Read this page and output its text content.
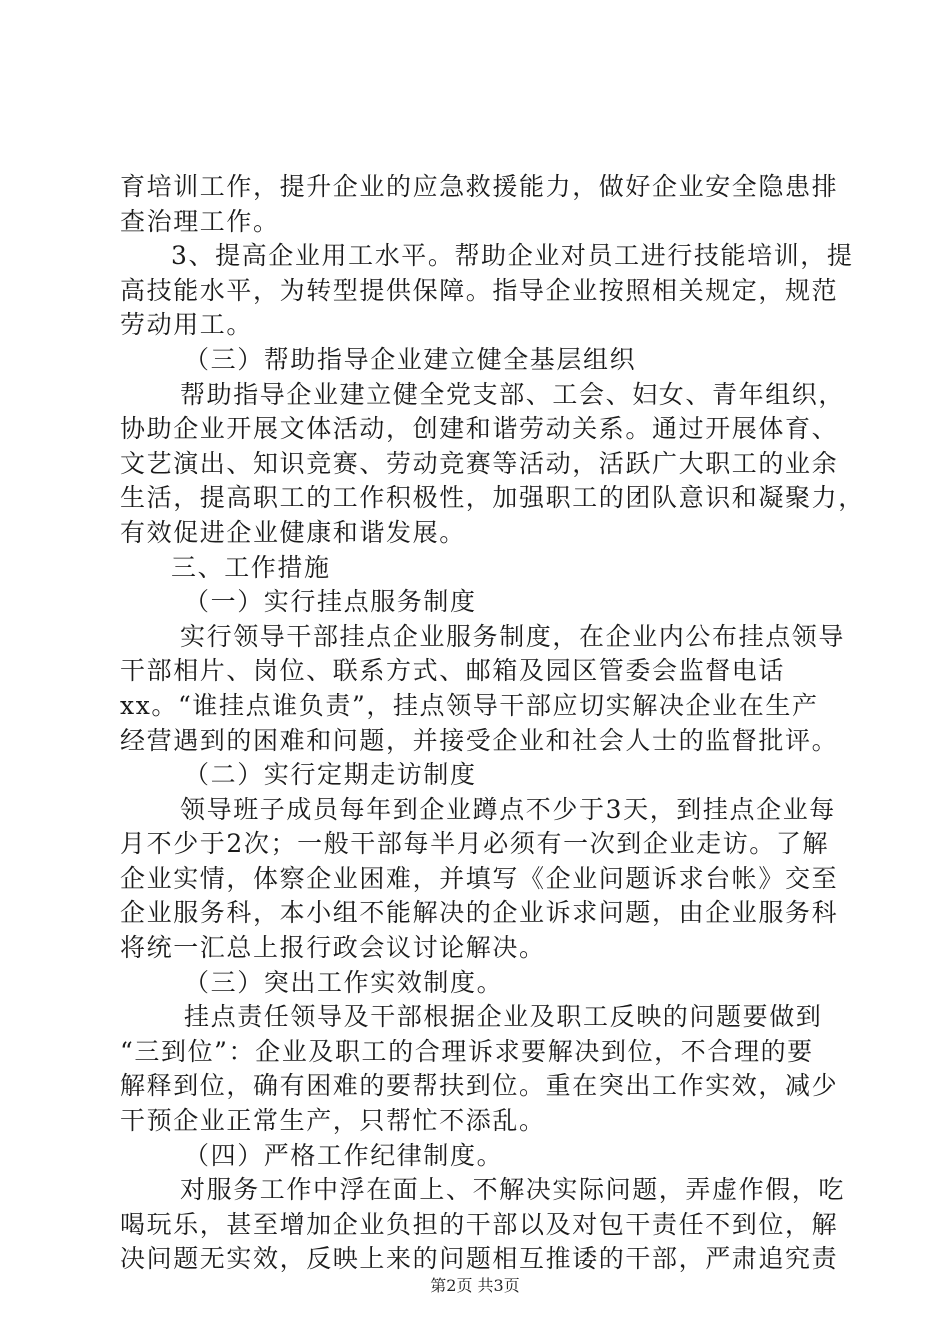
育培训工作，提升企业的应急救援能力，做好企业安全隐患排
查治理工作。
3、提高企业用工水平。帮助企业对员工进行技能培训，提
高技能水平，为转型提供保障。指导企业按照相关规定，规范
劳动用工。
（三）帮助指导企业建立健全基层组织
帮助指导企业建立健全党支部、工会、妇女、青年组织，
协助企业开展文体活动，创建和谐劳动关系。通过开展体育、
文艺演出、知识竞赛、劳动竞赛等活动，活跃广大职工的业余
生活，提高职工的工作积极性，加强职工的团队意识和凝聚力，
有效促进企业健康和谐发展。
三、工作措施
（一）实行挂点服务制度
实行领导干部挂点企业服务制度，在企业内公布挂点领导
干部相片、岗位、联系方式、邮箱及园区管委会监督电话
xx。“谁挂点谁负责”，挂点领导干部应切实解决企业在生产
经营遇到的困难和问题，并接受企业和社会人士的监督批评。
（二）实行定期走访制度
领导班子成员每年到企业蹲点不少于3天，到挂点企业每
月不少于2次；一般干部每半月必须有一次到企业走访。了解
企业实情，体察企业困难，并填写《企业问题诉求台帐》交至
企业服务科，本小组不能解决的企业诉求问题，由企业服务科
将统一汇总上报行政会议讨论解决。
（三）突出工作实效制度。
挂点责任领导及干部根据企业及职工反映的问题要做到
“三到位”：企业及职工的合理诉求要解决到位，不合理的要
解释到位，确有困难的要帮扶到位。重在突出工作实效，减少
干预企业正常生产，只帮忙不添乱。
（四）严格工作纪律制度。
对服务工作中浮在面上、不解决实际问题，弄虚作假，吃
喝玩乐，甚至增加企业负担的干部以及对包干责任不到位，解
决问题无实效，反映上来的问题相互推诿的干部，严肃追究责
第2页 共3页
